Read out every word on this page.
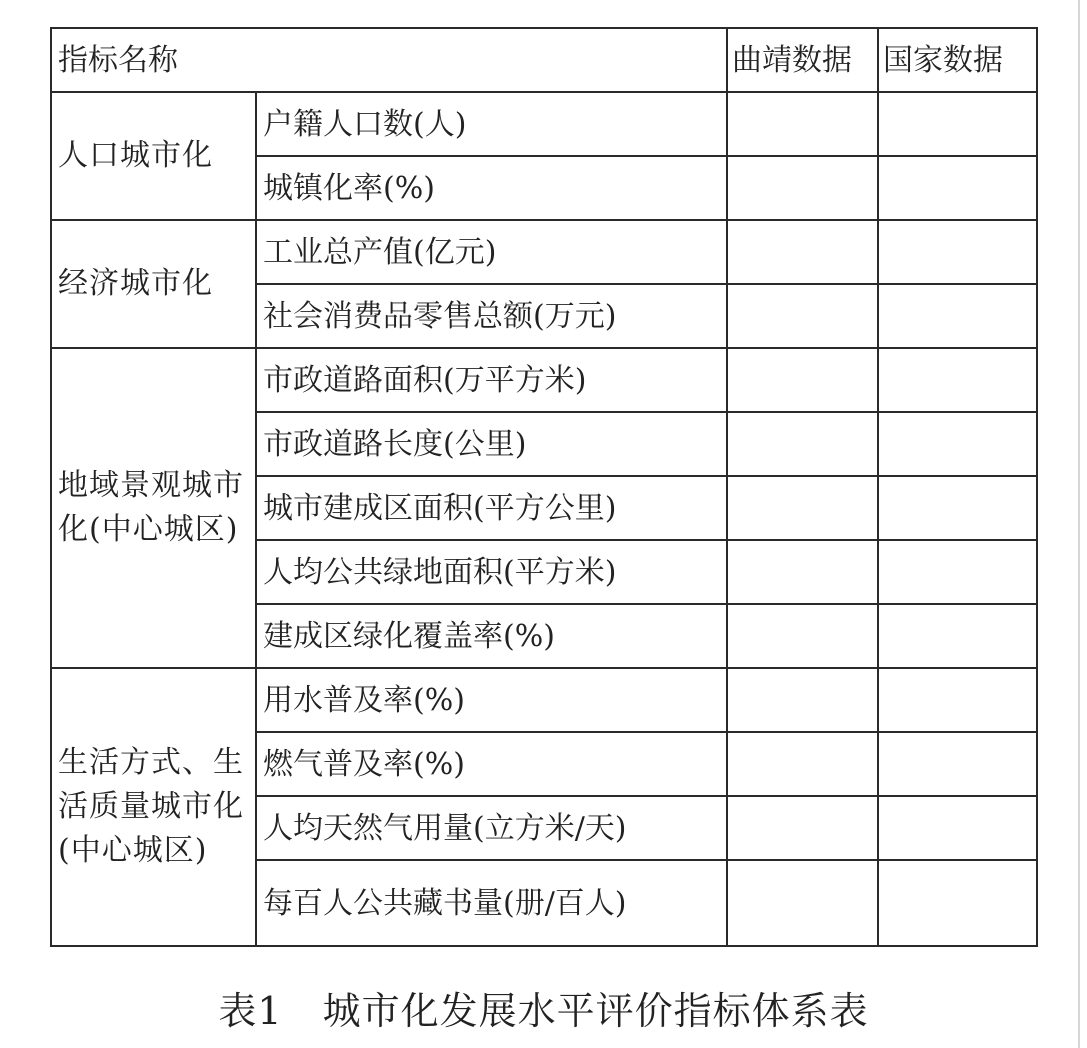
指标名称		曲靖数据	国家数据
人口城市化	户籍人口数(人)		
	城镇化率(%)		
经济城市化	工业总产值(亿元)		
	社会消费品零售总额(万元)		
地域景观城市化(中心城区)	市政道路面积(万平方米)		
	市政道路长度(公里)		
	城市建成区面积(平方公里)		
	人均公共绿地面积(平方米)		
	建成区绿化覆盖率(%)		
生活方式、生活质量城市化(中心城区)	用水普及率(%)		
	燃气普及率(%)		
	人均天然气用量(立方米/天)		
	每百人公共藏书量(册/百人)		
表1 城市化发展水平评价指标体系表
